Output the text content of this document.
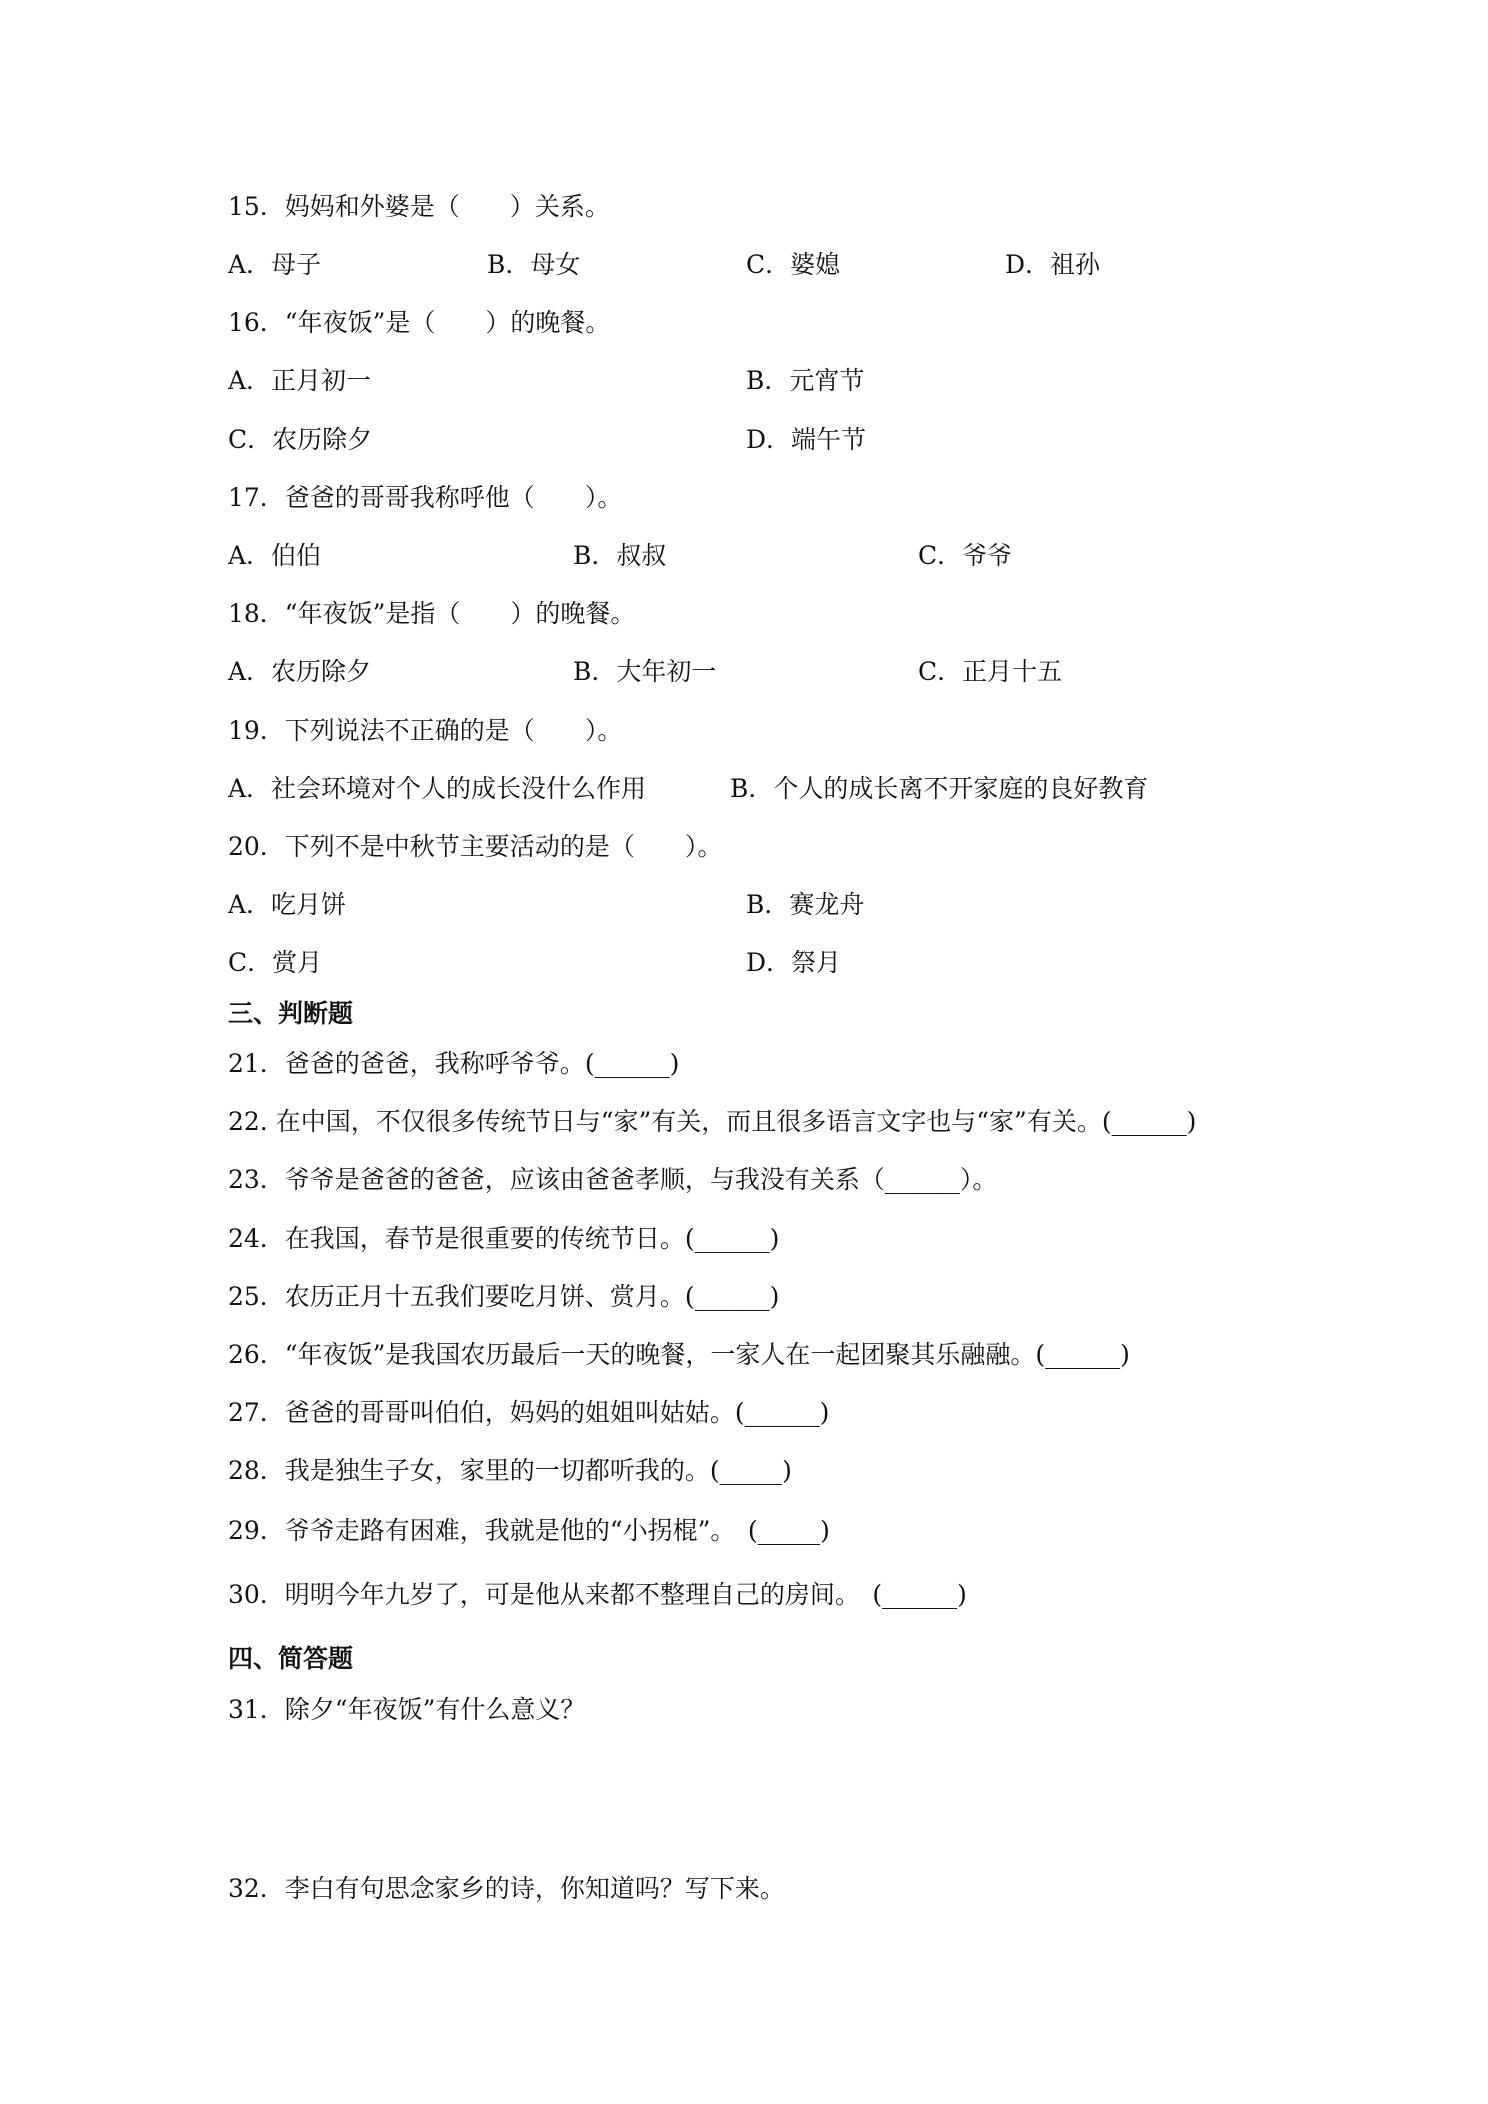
15．妈妈和外婆是（　　）关系。
A．母子	B．母女	C．婆媳	D．祖孙
16．“年夜饭”是（　　）的晚餐。
A．正月初一	B．元宵节
C．农历除夕	D．端午节
17．爸爸的哥哥我称呼他（　　）。
A．伯伯	B．叔叔	C．爷爷
18．“年夜饭”是指（　　）的晚餐。
A．农历除夕	B．大年初一	C．正月十五
19．下列说法不正确的是（　　）。
A．社会环境对个人的成长没什么作用	B．个人的成长离不开家庭的良好教育
20．下列不是中秋节主要活动的是（　　）。
A．吃月饼	B．赛龙舟
C．赏月	D．祭月
三、判断题
21．爸爸的爸爸，我称呼爷爷。(______)
22. 在中国，不仅很多传统节日与“家”有关，而且很多语言文字也与“家”有关。(______)
23．爷爷是爸爸的爸爸，应该由爸爸孝顺，与我没有关系（______）。
24．在我国，春节是很重要的传统节日。(______)
25．农历正月十五我们要吃月饼、赏月。(______)
26．“年夜饭”是我国农历最后一天的晚餐，一家人在一起团聚其乐融融。(______)
27．爸爸的哥哥叫伯伯，妈妈的姐姐叫姑姑。(______)
28．我是独生子女，家里的一切都听我的。(_____)
29．爷爷走路有困难，我就是他的“小拐棍”。　(_____)
30．明明今年九岁了，可是他从来都不整理自己的房间。　(______)
四、简答题
31．除夕“年夜饭”有什么意义？
32．李白有句思念家乡的诗，你知道吗？写下来。
